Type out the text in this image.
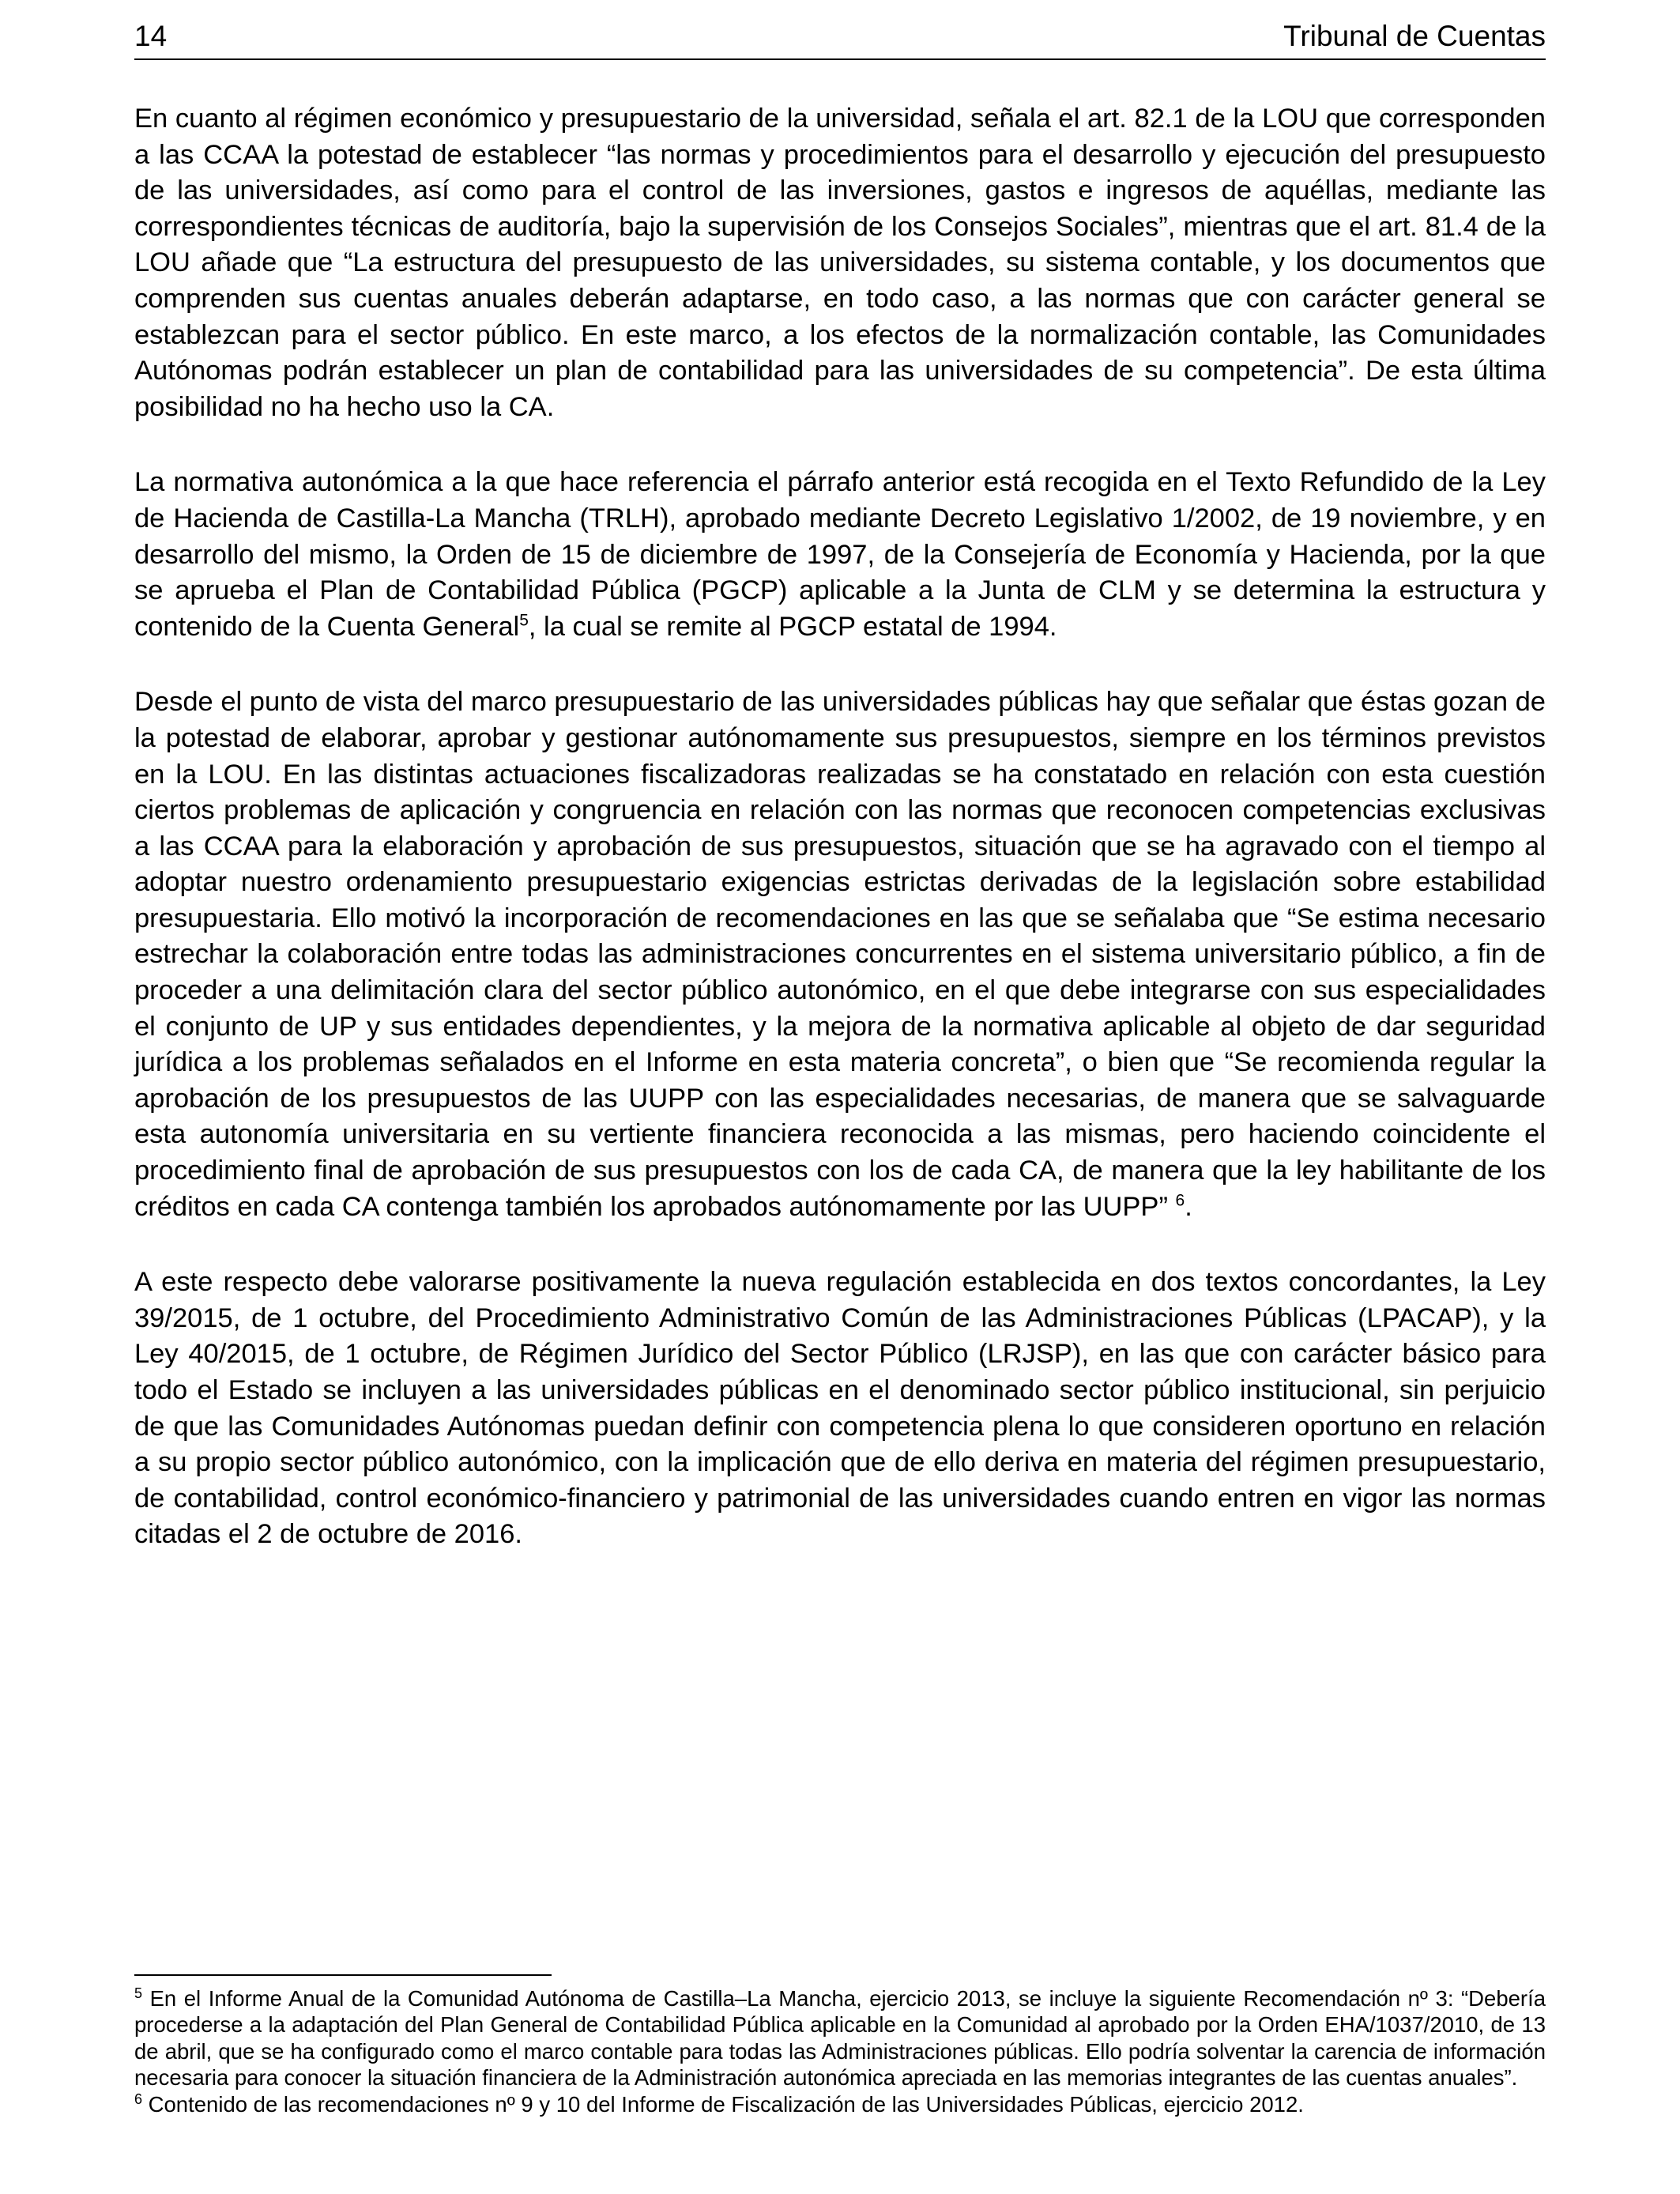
14	Tribunal de Cuentas

En cuanto al régimen económico y presupuestario de la universidad, señala el art. 82.1 de la LOU que corresponden a las CCAA la potestad de establecer “las normas y procedimientos para el desarrollo y ejecución del presupuesto de las universidades, así como para el control de las inversiones, gastos e ingresos de aquéllas, mediante las correspondientes técnicas de auditoría, bajo la supervisión de los Consejos Sociales”, mientras que el art. 81.4 de la LOU añade que “La estructura del presupuesto de las universidades, su sistema contable, y los documentos que comprenden sus cuentas anuales deberán adaptarse, en todo caso, a las normas que con carácter general se establezcan para el sector público. En este marco, a los efectos de la normalización contable, las Comunidades Autónomas podrán establecer un plan de contabilidad para las universidades de su competencia”. De esta última posibilidad no ha hecho uso la CA.

La normativa autonómica a la que hace referencia el párrafo anterior está recogida en el Texto Refundido de la Ley de Hacienda de Castilla-La Mancha (TRLH), aprobado mediante Decreto Legislativo 1/2002, de 19 noviembre, y en desarrollo del mismo, la Orden de 15 de diciembre de 1997, de la Consejería de Economía y Hacienda, por la que se aprueba el Plan de Contabilidad Pública (PGCP) aplicable a la Junta de CLM y se determina la estructura y contenido de la Cuenta General$^5$, la cual se remite al PGCP estatal de 1994.

Desde el punto de vista del marco presupuestario de las universidades públicas hay que señalar que éstas gozan de la potestad de elaborar, aprobar y gestionar autónomamente sus presupuestos, siempre en los términos previstos en la LOU. En las distintas actuaciones fiscalizadoras realizadas se ha constatado en relación con esta cuestión ciertos problemas de aplicación y congruencia en relación con las normas que reconocen competencias exclusivas a las CCAA para la elaboración y aprobación de sus presupuestos, situación que se ha agravado con el tiempo al adoptar nuestro ordenamiento presupuestario exigencias estrictas derivadas de la legislación sobre estabilidad presupuestaria. Ello motivó la incorporación de recomendaciones en las que se señalaba que “Se estima necesario estrechar la colaboración entre todas las administraciones concurrentes en el sistema universitario público, a fin de proceder a una delimitación clara del sector público autonómico, en el que debe integrarse con sus especialidades el conjunto de UP y sus entidades dependientes, y la mejora de la normativa aplicable al objeto de dar seguridad jurídica a los problemas señalados en el Informe en esta materia concreta”, o bien que “Se recomienda regular la aprobación de los presupuestos de las UUPP con las especialidades necesarias, de manera que se salvaguarde esta autonomía universitaria en su vertiente financiera reconocida a las mismas, pero haciendo coincidente el procedimiento final de aprobación de sus presupuestos con los de cada CA, de manera que la ley habilitante de los créditos en cada CA contenga también los aprobados autónomamente por las UUPP” $^6$.

A este respecto debe valorarse positivamente la nueva regulación establecida en dos textos concordantes, la Ley 39/2015, de 1 octubre, del Procedimiento Administrativo Común de las Administraciones Públicas (LPACAP), y la Ley 40/2015, de 1 octubre, de Régimen Jurídico del Sector Público (LRJSP), en las que con carácter básico para todo el Estado se incluyen a las universidades públicas en el denominado sector público institucional, sin perjuicio de que las Comunidades Autónomas puedan definir con competencia plena lo que consideren oportuno en relación a su propio sector público autonómico, con la implicación que de ello deriva en materia del régimen presupuestario, de contabilidad, control económico-financiero y patrimonial de las universidades cuando entren en vigor las normas citadas el 2 de octubre de 2016.

$^5$ En el Informe Anual de la Comunidad Autónoma de Castilla–La Mancha, ejercicio 2013, se incluye la siguiente Recomendación nº 3: “Debería procederse a la adaptación del Plan General de Contabilidad Pública aplicable en la Comunidad al aprobado por la Orden EHA/1037/2010, de 13 de abril, que se ha configurado como el marco contable para todas las Administraciones públicas. Ello podría solventar la carencia de información necesaria para conocer la situación financiera de la Administración autonómica apreciada en las memorias integrantes de las cuentas anuales”.

$^6$ Contenido de las recomendaciones nº 9 y 10 del Informe de Fiscalización de las Universidades Públicas, ejercicio 2012.
